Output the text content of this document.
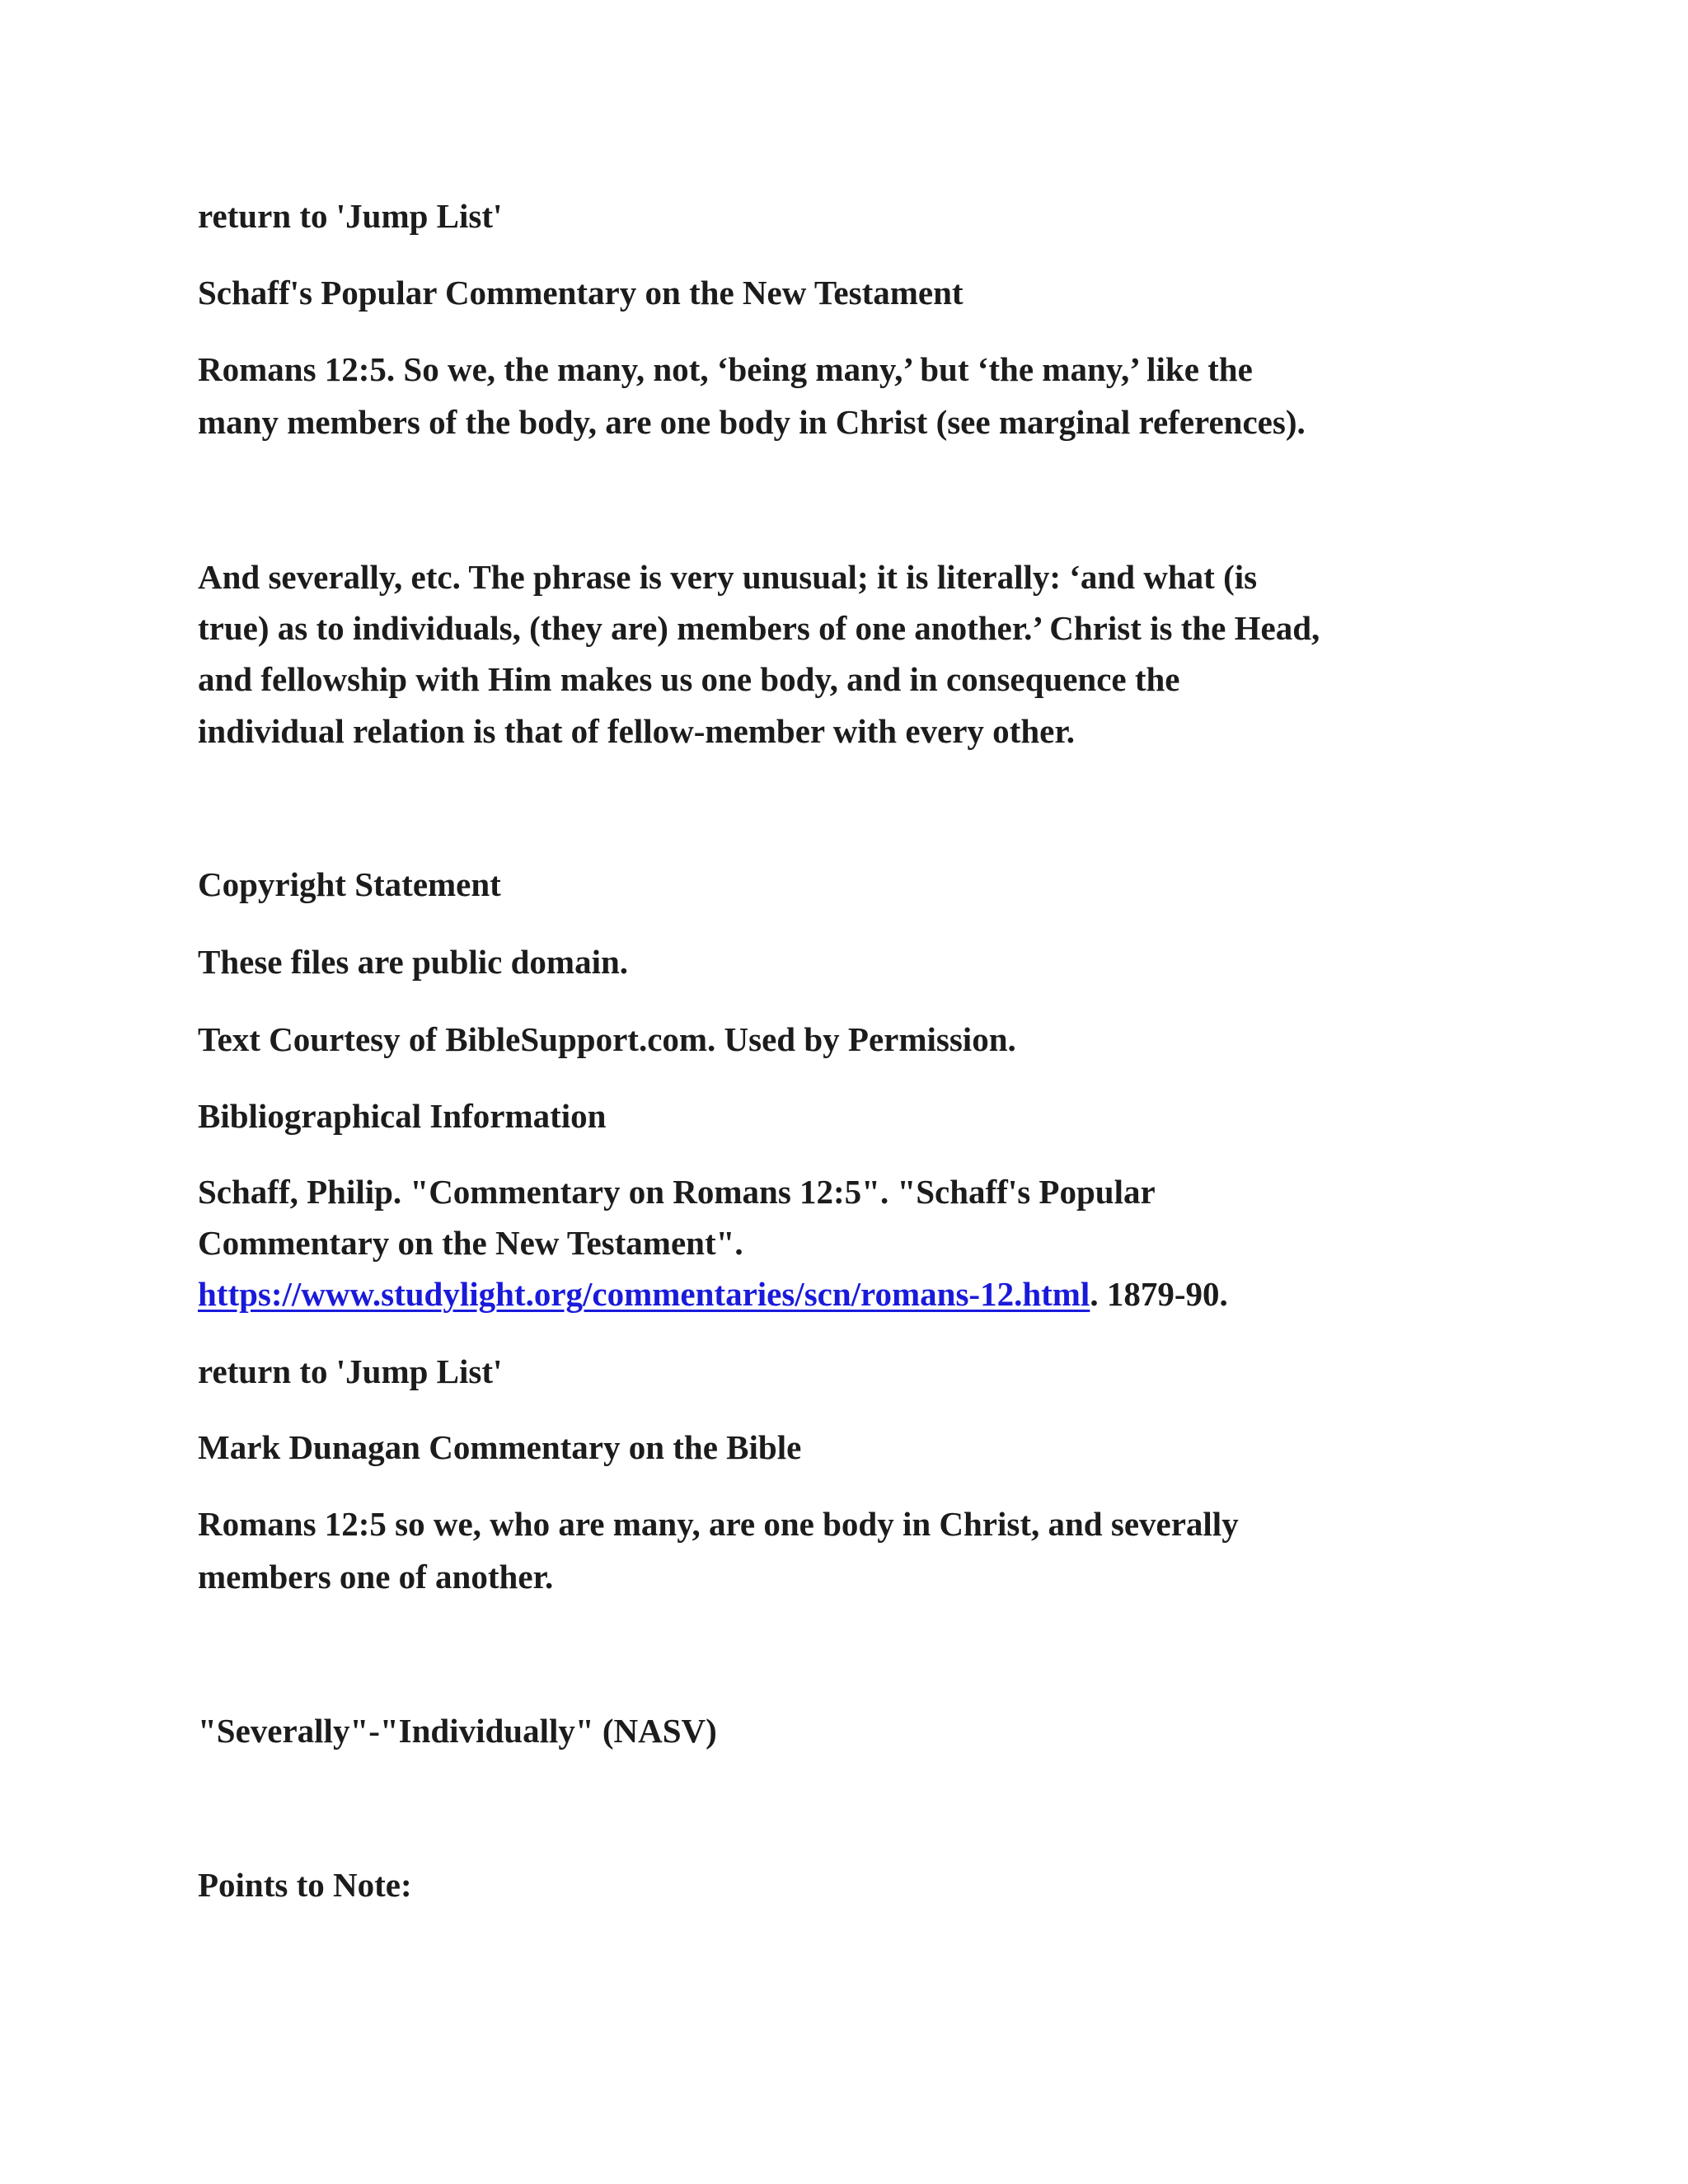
return to 'Jump List'

Schaff's Popular Commentary on the New Testament

Romans 12:5. So we, the many, not, ‘being many,’ but ‘the many,’ like the

many members of the body, are one body in Christ (see marginal references).

And severally, etc. The phrase is very unusual; it is literally: ‘and what (is

true) as to individuals, (they are) members of one another.’ Christ is the Head,

and fellowship with Him makes us one body, and in consequence the

individual relation is that of fellow-member with every other.

Copyright Statement

These files are public domain.

Text Courtesy of BibleSupport.com. Used by Permission.

Bibliographical Information

Schaff, Philip. "Commentary on Romans 12:5". "Schaff's Popular

Commentary on the New Testament".

https://www.studylight.org/commentaries/scn/romans-12.html. 1879-90.

return to 'Jump List'

Mark Dunagan Commentary on the Bible

Romans 12:5 so we, who are many, are one body in Christ, and severally

members one of another.

"Severally"-"Individually" (NASV)

Points to Note:
